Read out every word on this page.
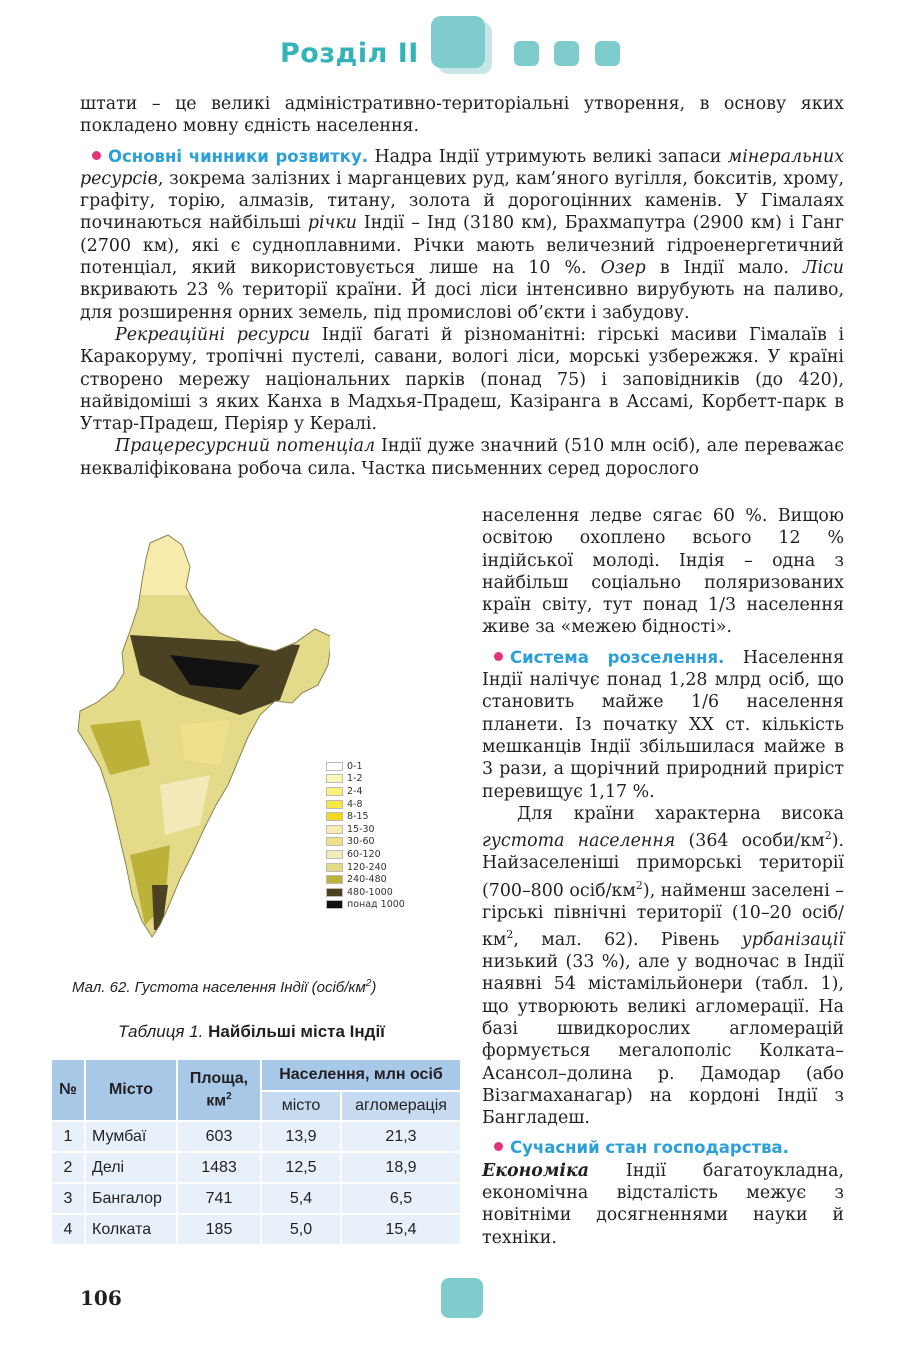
Розділ II

штати – це великі адміністративно-територіальні утворення, в основу яких покладено мовну єдність населення.

Основні чинники розвитку. Надра Індії утримують великі запаси мінеральних ресурсів, зокрема залізних і марганцевих руд, кам’яного вугілля, бокситів, хрому, графіту, торію, алмазів, титану, золота й дорогоцінних каменів. У Гімалаях починаються найбільші річки Індії – Інд (3180 км), Брахмапутра (2900 км) і Ганг (2700 км), які є судноплавними. Річки мають величезний гідроенергетичний потенціал, який використовується лише на 10 %. Озер в Індії мало. Ліси вкривають 23 % території країни. Й досі ліси інтенсивно вирубують на паливо, для розширення орних земель, під промислові об’єкти і забудову.

Рекреаційні ресурси Індії багаті й різноманітні: гірські масиви Гімалаїв і Каракоруму, тропічні пустелі, савани, вологі ліси, морські узбережжя. У країні створено мережу національних парків (понад 75) і заповідників (до 420), найвідоміші з яких Канха в Мадхья-Прадеш, Казіранга в Ассамі, Корбетт-парк в Уттар-Прадеш, Періяр у Кералі.

Працересурсний потенціал Індії дуже значний (510 млн осіб), але переважає некваліфікована робоча сила. Частка письменних серед дорослого

населення ледве сягає 60 %. Вищою освітою охоплено всього 12 % індійської молоді. Індія – одна з найбільш соціально поляризованих країн світу, тут понад 1/3 населення живе за «межею бідності».

Система розселення. Населення Індії налічує понад 1,28 млрд осіб, що становить майже 1/6 населення планети. Із початку XX ст. кількість мешканців Індії збільшилася майже в 3 рази, а щорічний природний приріст перевищує 1,17 %.

Для країни характерна висока густота населення (364 особи/$км^2$). Найзаселеніші приморські території (700–800 осіб/$км^2$), найменш заселені – гірські північні території (10–20 осіб/$км^2$, мал. 62). Рівень урбанізації низький (33 %), але у водночас в Індії наявні 54 містамільйонери (табл. 1), що утворюють великі агломерації. На базі швидкорослих агломерацій формується мегалополіс Колката–Асансол–долина р. Дамодар (або Візагмаханагар) на кордоні Індії з Бангладеш.

Сучасний стан господарства.
Економіка Індії багатоукладна, економічна відсталість межує з новітніми досягненнями науки й техніки.

0-1
1-2
2-4
4-8
8-15
15-30
30-60
60-120
120-240
240-480
480-1000
понад 1000
Мал. 62. Густота населення Індії $(осіб/км^2)$
Таблиця 1. Найбільші міста Індії
№	Місто	Площа, $км^2$	Населення, млн осіб	
			місто	агломерація
1	Мумбаї	603	13,9	21,3
2	Делі	1483	12,5	18,9
3	Бангалор	741	5,4	6,5
4	Колката	185	5,0	15,4
106
